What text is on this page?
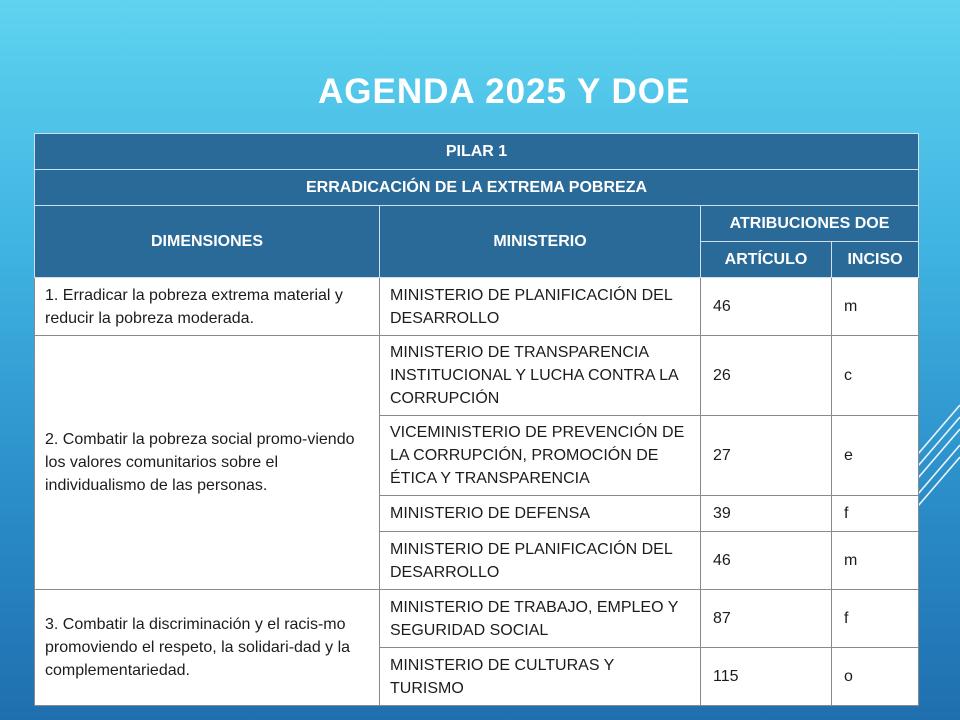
AGENDA 2025 Y DOE
PILAR 1			
ERRADICACIÓN DE LA EXTREMA POBREZA			
DIMENSIONES	MINISTERIO	ATRIBUCIONES DOE	
		ARTÍCULO	INCISO
1. Erradicar la pobreza extrema material y reducir la pobreza moderada.	MINISTERIO DE PLANIFICACIÓN DEL DESARROLLO	46	m
2. Combatir la pobreza social promo-viendo los valores comunitarios sobre el individualismo de las personas.	MINISTERIO DE TRANSPARENCIA INSTITUCIONAL Y LUCHA CONTRA LA CORRUPCIÓN	26	c
	VICEMINISTERIO DE PREVENCIÓN DE LA CORRUPCIÓN, PROMOCIÓN DE ÉTICA Y TRANSPARENCIA	27	e
	MINISTERIO DE DEFENSA	39	f
	MINISTERIO DE PLANIFICACIÓN DEL DESARROLLO	46	m
3. Combatir la discriminación y el racis-mo promoviendo el respeto, la solidari-dad y la complementariedad.	MINISTERIO DE TRABAJO, EMPLEO Y SEGURIDAD SOCIAL	87	f
	MINISTERIO DE CULTURAS Y TURISMO	115	o
